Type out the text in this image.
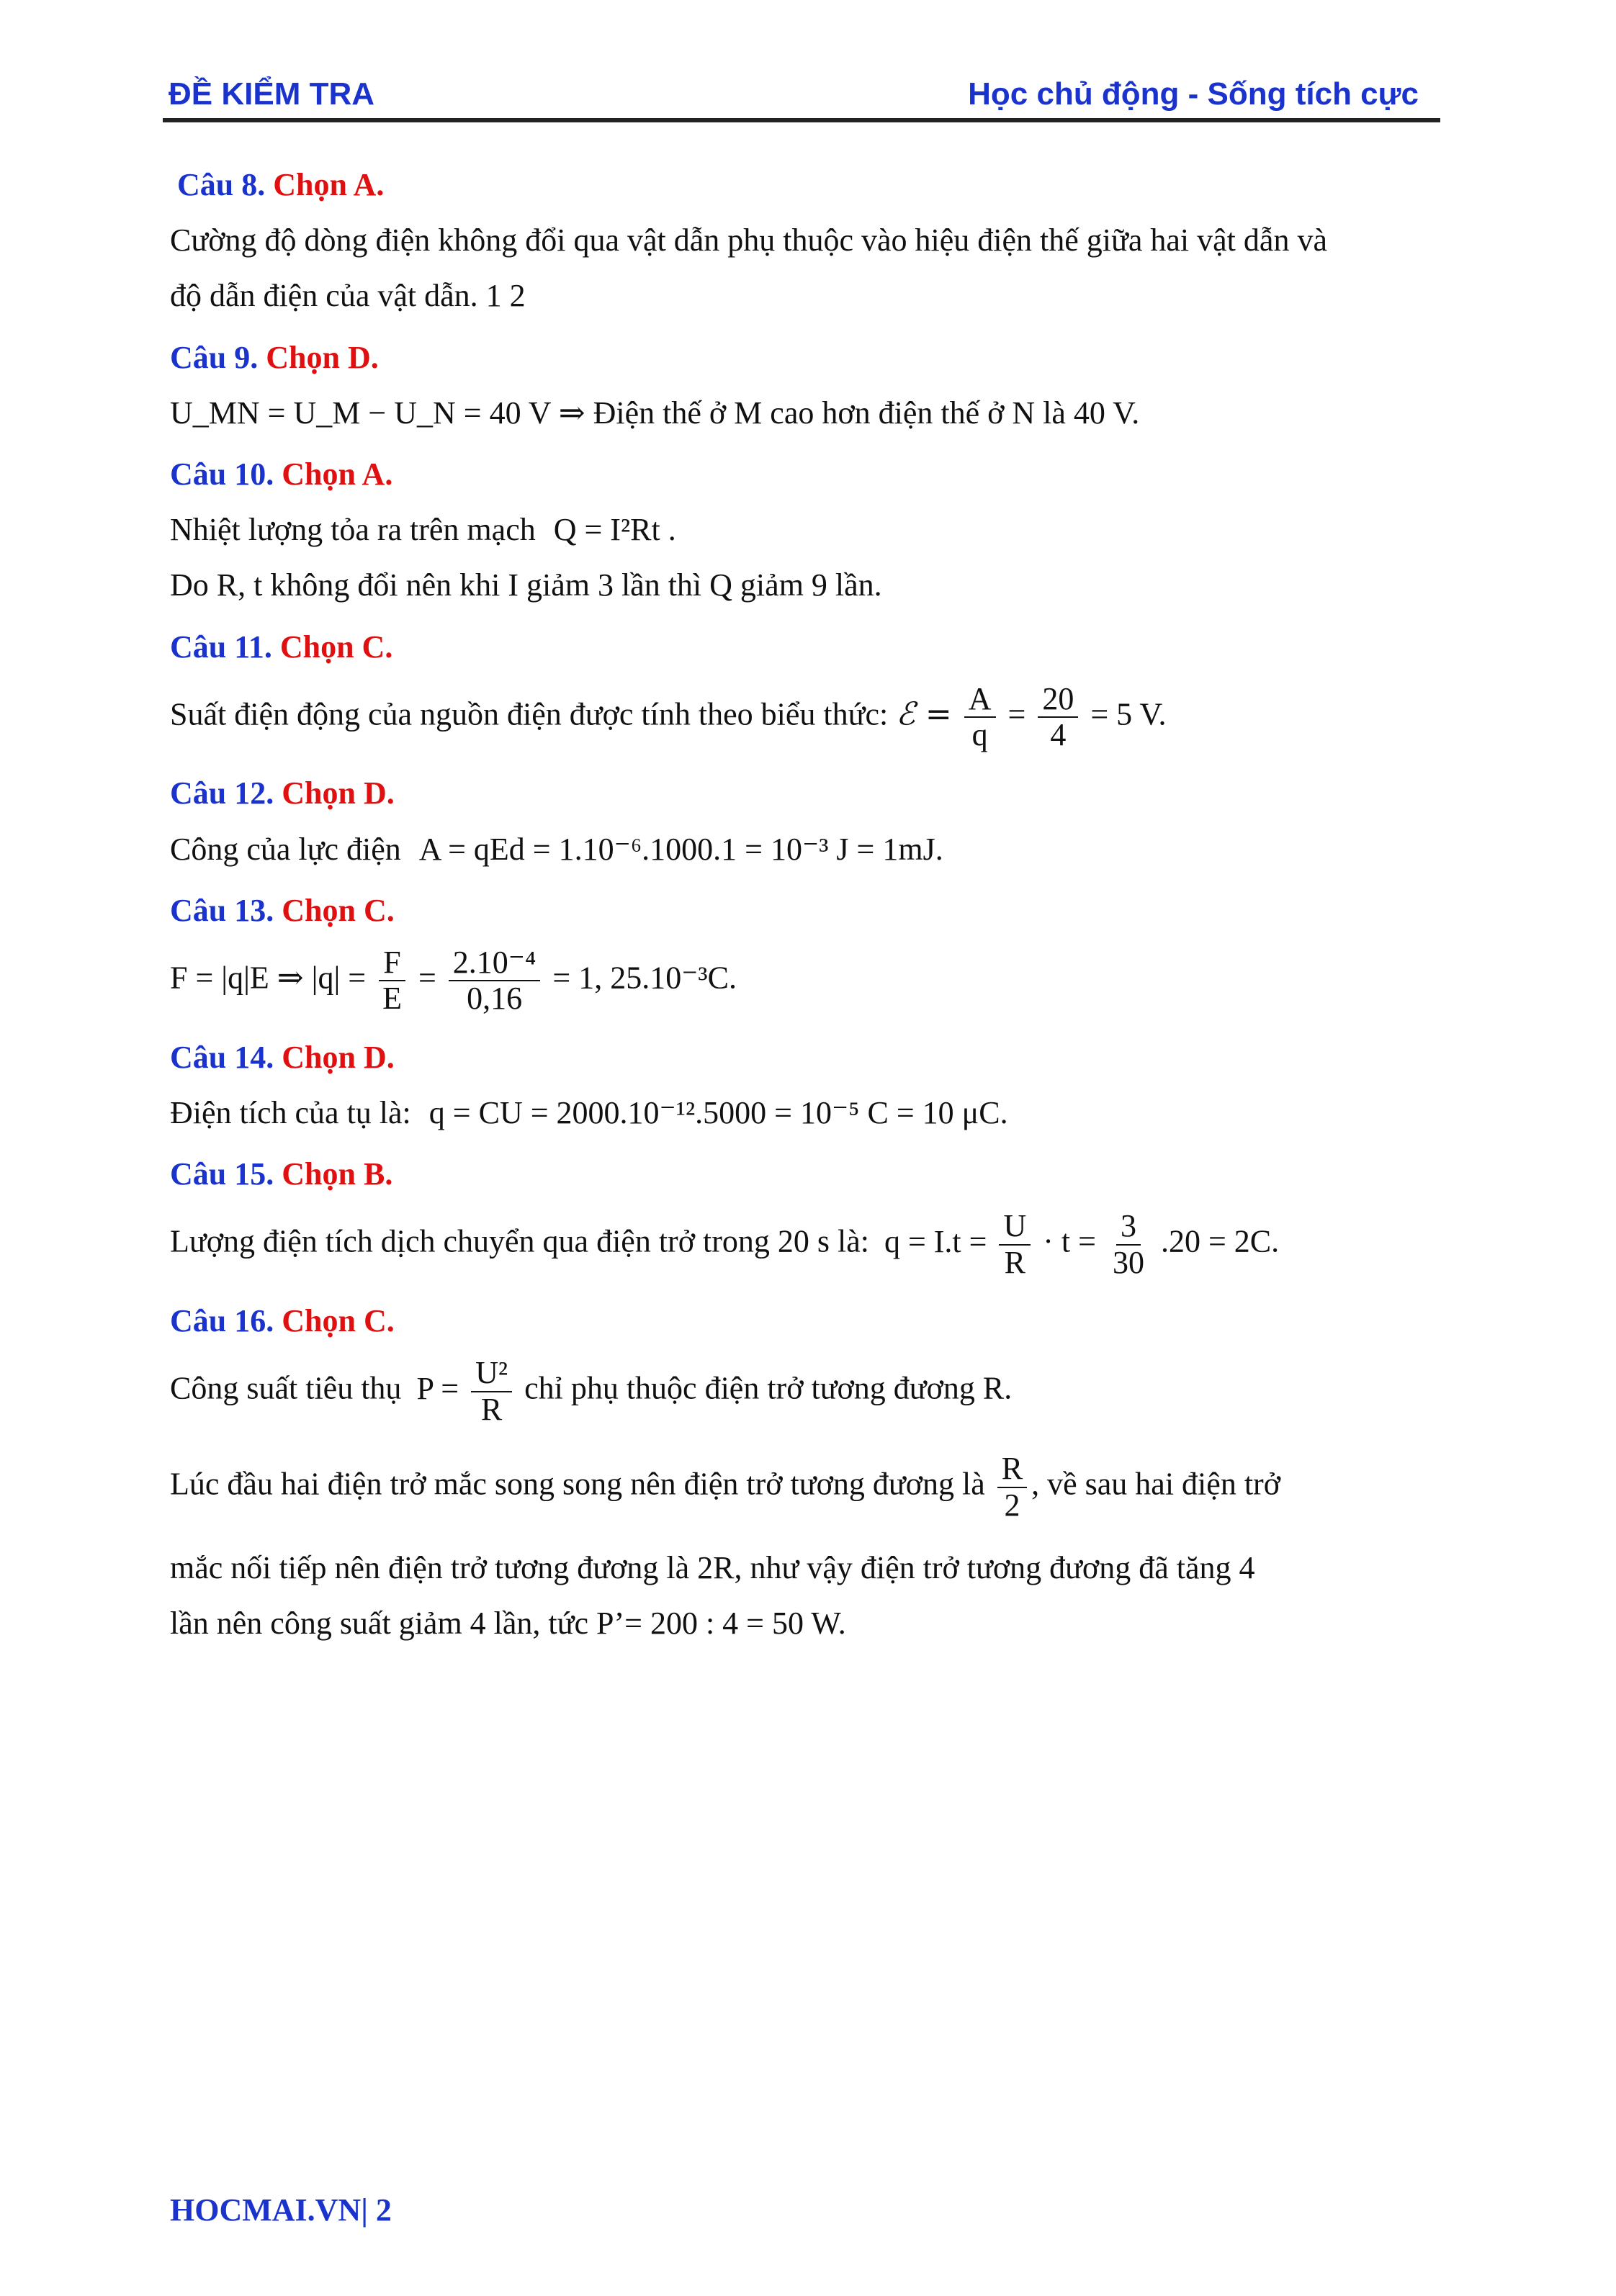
ĐỀ KIỂM TRA	Học chủ động - Sống tích cực
Câu 8. Chọn A.
Cường độ dòng điện không đổi qua vật dẫn phụ thuộc vào hiệu điện thế giữa hai vật dẫn và
độ dẫn điện của vật dẫn. 1 2
Câu 9. Chọn D.
U_MN = U_M − U_N = 40 V ⇒ Điện thế ở M cao hơn điện thế ở N là 40 V.
Câu 10. Chọn A.
Nhiệt lượng tỏa ra trên mạch Q = I²Rt .
Do R, t không đổi nên khi I giảm 3 lần thì Q giảm 9 lần.
Câu 11. Chọn C.
Suất điện động của nguồn điện được tính theo biểu thức: ℰ = $\frac{A}{q} = \frac{20}{4} = 5$ V.
Câu 12. Chọn D.
Công của lực điện A = qEd = 1.10⁻⁶.1000.1 = 10⁻³ J = 1mJ.
Câu 13. Chọn C.
F = |q|E ⇒ $|q| = \frac{F}{E} = \frac{\text{2.10⁻⁴}}{0,16} = 1$, 25.10⁻³C.
Câu 14. Chọn D.
Điện tích của tụ là: q = CU = 2000.10⁻¹².5000 = 10⁻⁵ C = 10 μC.
Câu 15. Chọn B.
Lượng điện tích dịch chuyển qua điện trở trong 20 s là: $q = I.t = \frac{U}{R} \cdot t = \frac{3}{30} .20 = 2C$.
Câu 16. Chọn C.
Công suất tiêu thụ $P = \frac{\text{U²}}{R}$ chỉ phụ thuộc điện trở tương đương R.
Lúc đầu hai điện trở mắc song song nên điện trở tương đương là $\frac{R}{2}$ , về sau hai điện trở
mắc nối tiếp nên điện trở tương đương là 2R, như vậy điện trở tương đương đã tăng 4
lần nên công suất giảm 4 lần, tức P’= 200 : 4 = 50 W.
HOCMAI.VN| 2
